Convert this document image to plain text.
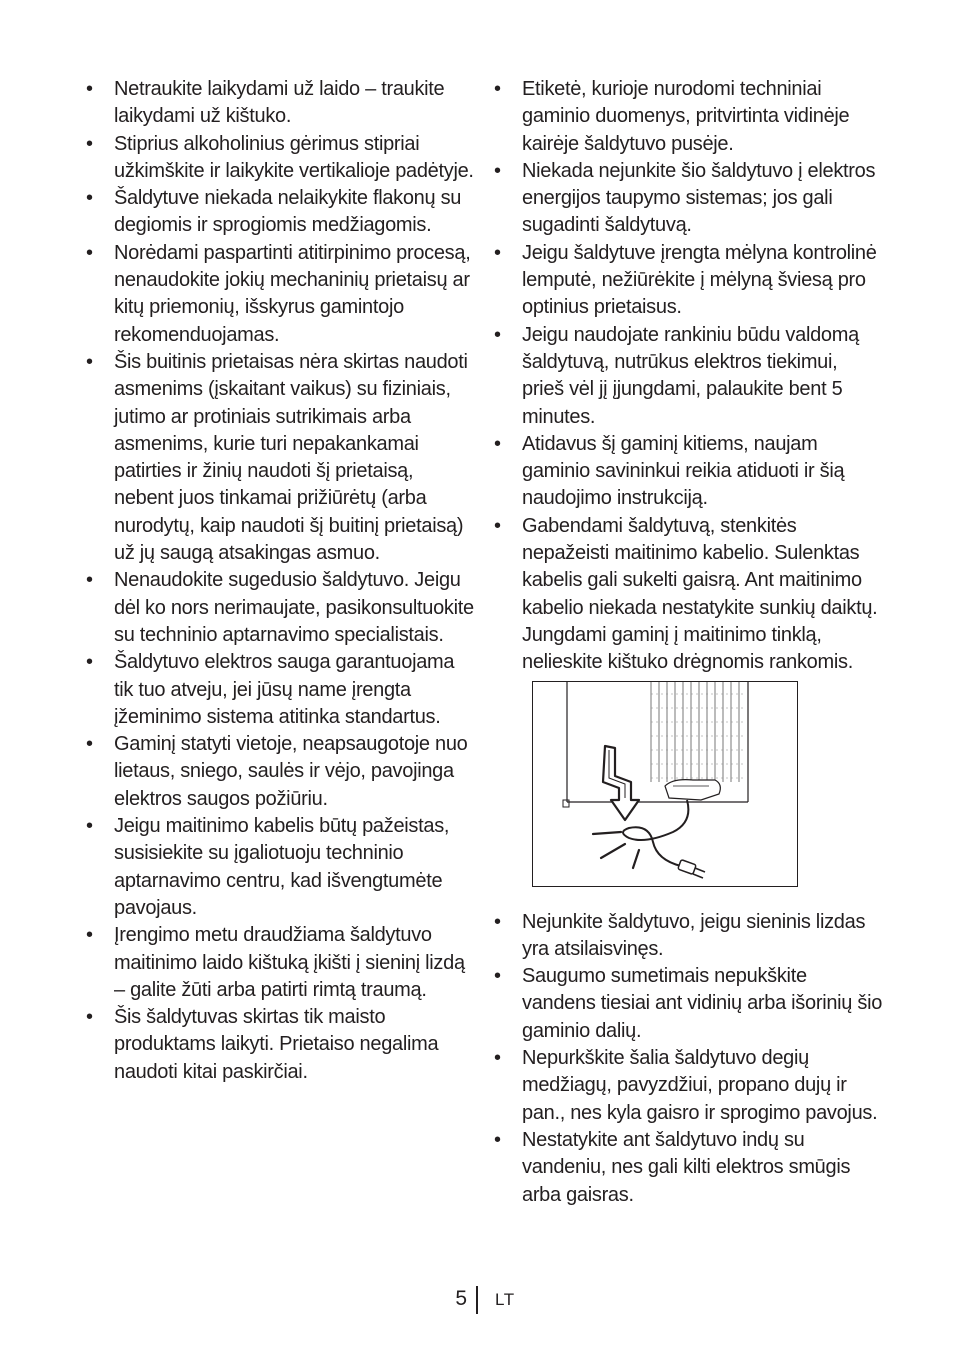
• Netraukite laikydami už laido – traukite laikydami už kištuko.
• Stiprius alkoholinius gėrimus stipriai užkimškite ir laikykite vertikalioje padėtyje.
• Šaldytuve niekada nelaikykite flakonų su degiomis ir sprogiomis medžiagomis.
• Norėdami paspartinti atitirpinimo procesą, nenaudokite jokių mechaninių prietaisų ar kitų priemonių, išskyrus gamintojo rekomenduojamas.
• Šis buitinis prietaisas nėra skirtas naudoti asmenims (įskaitant vaikus) su fiziniais, jutimo ar protiniais sutrikimais arba asmenims, kurie turi nepakankamai patirties ir žinių naudoti šį prietaisą, nebent juos tinkamai prižiūrėtų (arba nurodytų, kaip naudoti šį buitinį prietaisą) už jų saugą atsakingas asmuo.
• Nenaudokite sugedusio šaldytuvo. Jeigu dėl ko nors nerimaujate, pasikonsultuokite su techninio aptarnavimo specialistais.
• Šaldytuvo elektros sauga garantuojama tik tuo atveju, jei jūsų name įrengta įžeminimo sistema atitinka standartus.
• Gaminį statyti vietoje, neapsaugotoje nuo lietaus, sniego, saulės ir vėjo, pavojinga elektros saugos požiūriu.
• Jeigu maitinimo kabelis būtų pažeistas, susisiekite su įgaliotuoju techninio aptarnavimo centru, kad išvengtumėte pavojaus.
• Įrengimo metu draudžiama šaldytuvo maitinimo laido kištuką įkišti į sieninį lizdą – galite žūti arba patirti rimtą traumą.
• Šis šaldytuvas skirtas tik maisto produktams laikyti. Prietaiso negalima naudoti kitai paskirčiai.
• Etiketė, kurioje nurodomi techniniai gaminio duomenys, pritvirtinta vidinėje kairėje šaldytuvo pusėje.
• Niekada nejunkite šio šaldytuvo į elektros energijos taupymo sistemas; jos gali sugadinti šaldytuvą.
• Jeigu šaldytuve įrengta mėlyna kontrolinė lemputė, nežiūrėkite į mėlyną šviesą pro optinius prietaisus.
• Jeigu naudojate rankiniu būdu valdomą šaldytuvą, nutrūkus elektros tiekimui, prieš vėl jį įjungdami, palaukite bent 5 minutes.
• Atidavus šį gaminį kitiems, naujam gaminio savininkui reikia atiduoti ir šią naudojimo instrukciją.
• Gabendami šaldytuvą, stenkitės nepažeisti maitinimo kabelio. Sulenktas kabelis gali sukelti gaisrą. Ant maitinimo kabelio niekada nestatykite sunkių daiktų. Jungdami gaminį į maitinimo tinklą, nelieskite kištuko drėgnomis rankomis.
• Nejunkite šaldytuvo, jeigu sieninis lizdas yra atsilaisvinęs.
• Saugumo sumetimais nepukškite vandens tiesiai ant vidinių arba išorinių šio gaminio dalių.
• Nepurkškite šalia šaldytuvo degių medžiagų, pavyzdžiui, propano dujų ir pan., nes kyla gaisro ir sprogimo pavojus.
• Nestatykite ant šaldytuvo indų su vandeniu, nes gali kilti elektros smūgis arba gaisras.
5 LT
